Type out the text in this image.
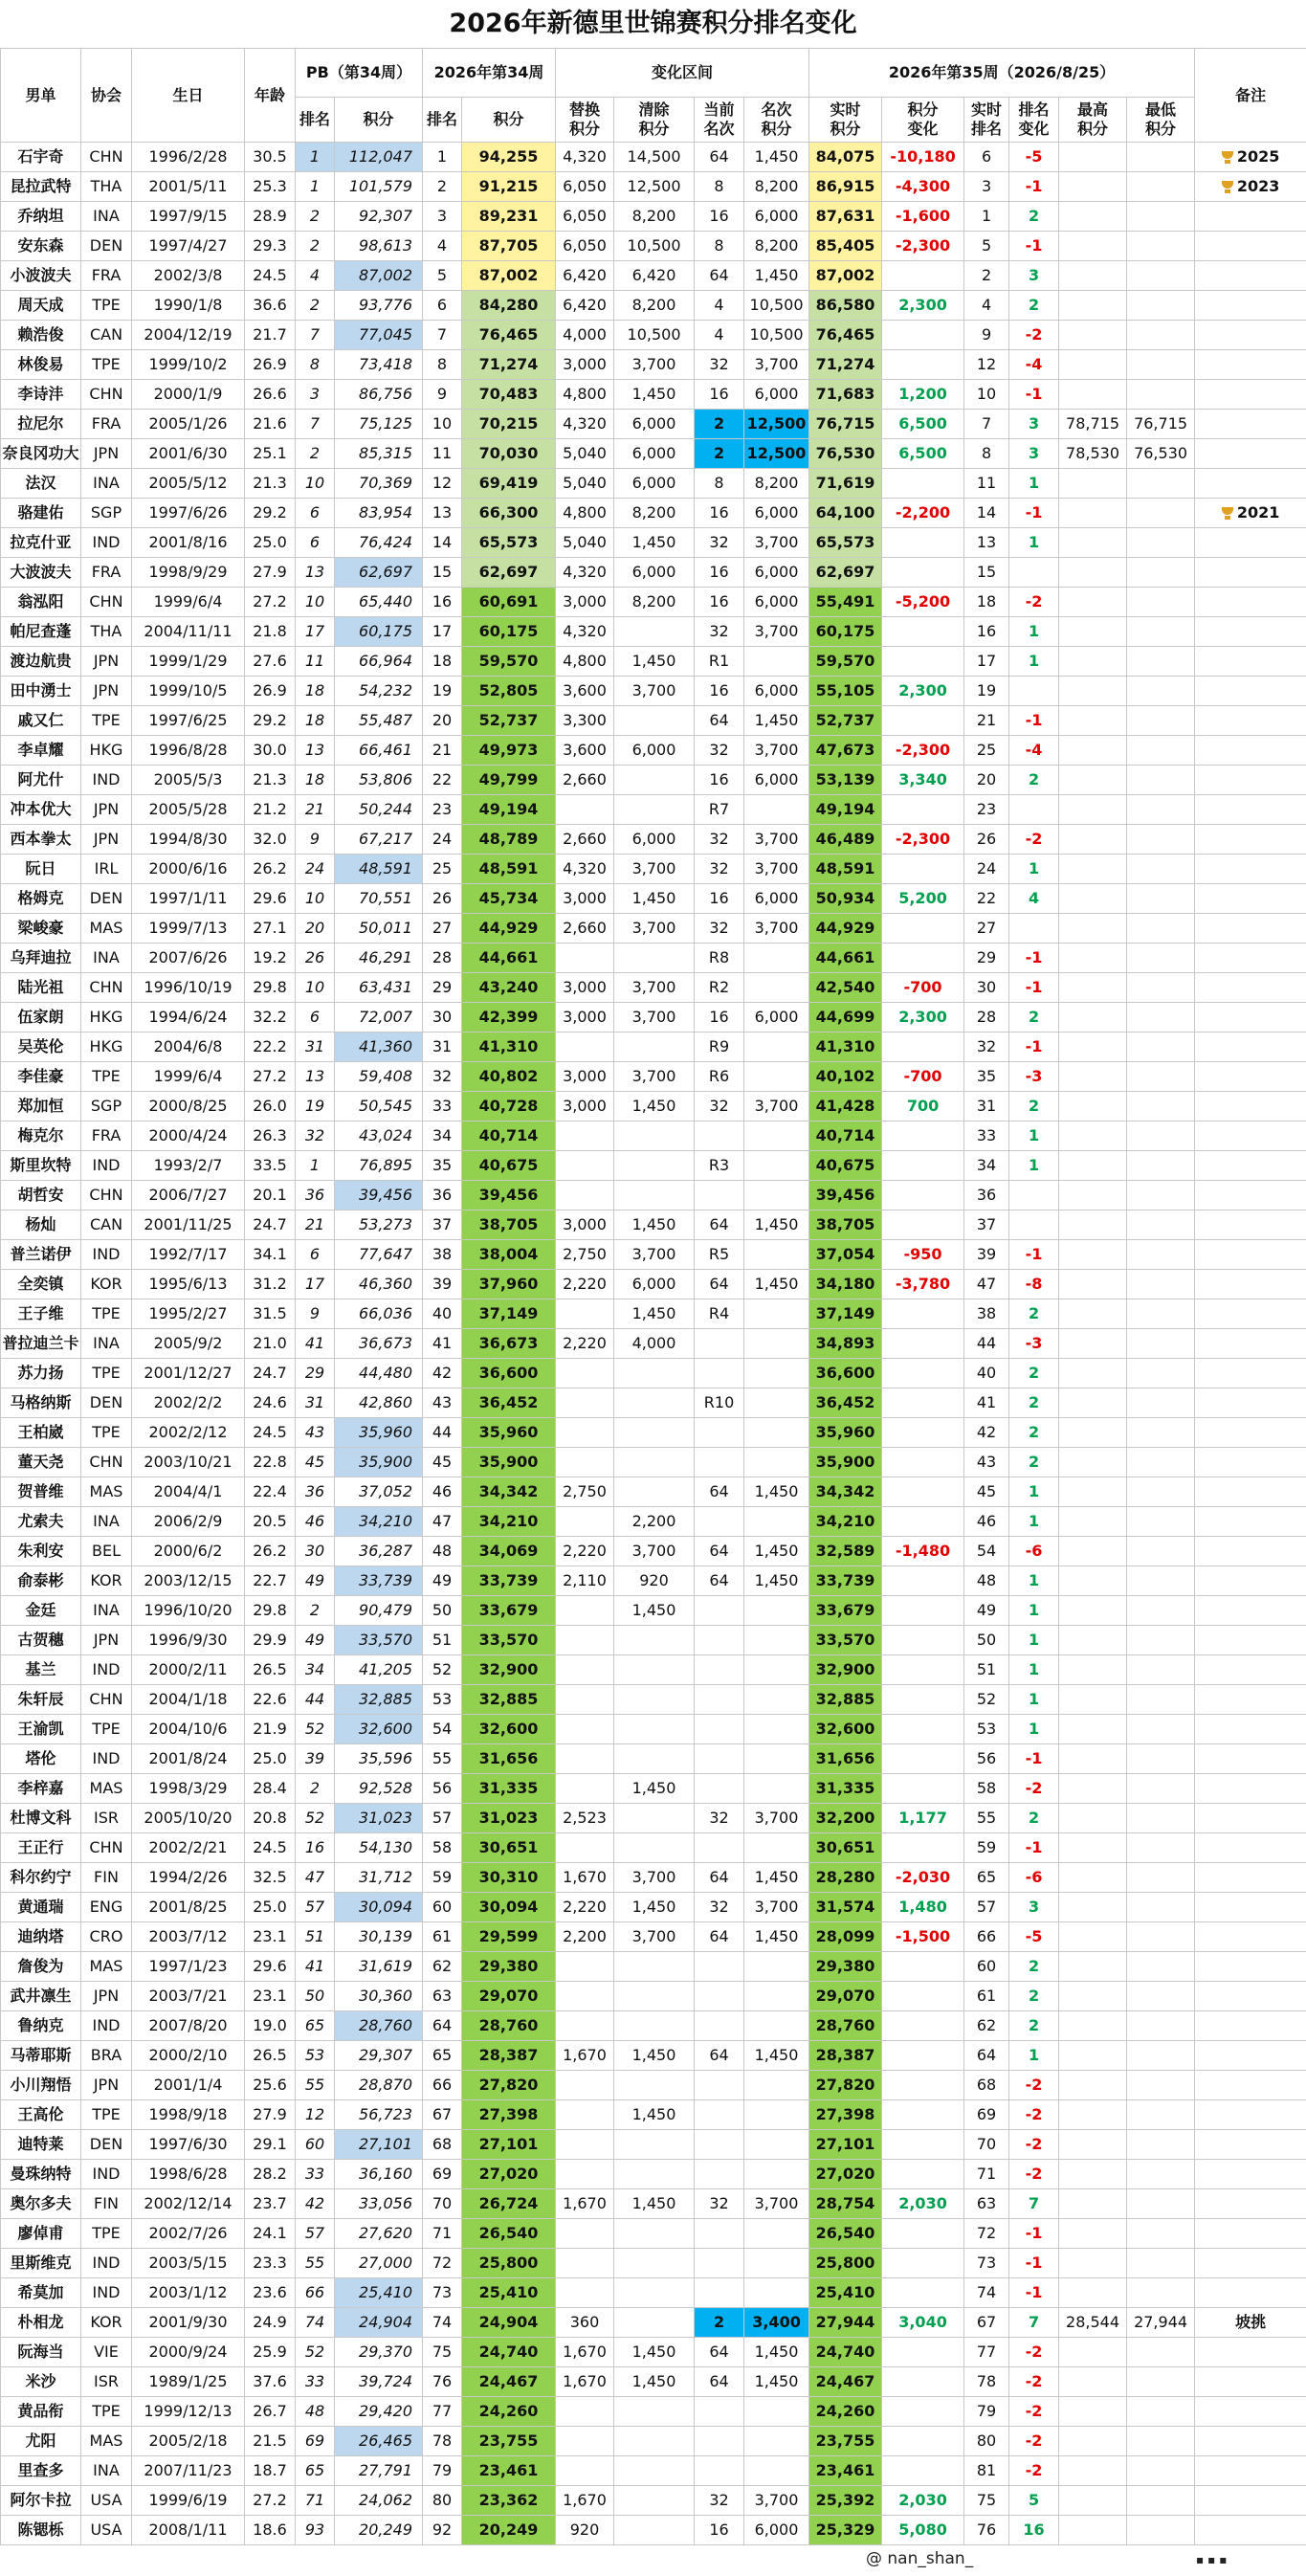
2026年新德里世锦赛积分排名变化
男单	协会	生日	年龄	PB（第34周）		2026年第34周		变化区间				2026年第35周（2026/8/25）						备注
				排名	积分	排名	积分	替换积分	清除积分	当前名次	名次积分	实时积分	积分变化	实时排名	排名变化	最高积分	最低积分	

石宇奇	CHN	1996/2/28	30.5	1	112,047	1	94,255	4,320	14,500	64	1,450	84,075	-10,180	6	-5			2025
昆拉武特	THA	2001/5/11	25.3	1	101,579	2	91,215	6,050	12,500	8	8,200	86,915	-4,300	3	-1			2023
乔纳坦	INA	1997/9/15	28.9	2	92,307	3	89,231	6,050	8,200	16	6,000	87,631	-1,600	1	2			
安东森	DEN	1997/4/27	29.3	2	98,613	4	87,705	6,050	10,500	8	8,200	85,405	-2,300	5	-1			
小波波夫	FRA	2002/3/8	24.5	4	87,002	5	87,002	6,420	6,420	64	1,450	87,002		2	3			
周天成	TPE	1990/1/8	36.6	2	93,776	6	84,280	6,420	8,200	4	10,500	86,580	2,300	4	2			
赖浩俊	CAN	2004/12/19	21.7	7	77,045	7	76,465	4,000	10,500	4	10,500	76,465		9	-2			
林俊易	TPE	1999/10/2	26.9	8	73,418	8	71,274	3,000	3,700	32	3,700	71,274		12	-4			
李诗沣	CHN	2000/1/9	26.6	3	86,756	9	70,483	4,800	1,450	16	6,000	71,683	1,200	10	-1			
拉尼尔	FRA	2005/1/26	21.6	7	75,125	10	70,215	4,320	6,000	2	12,500	76,715	6,500	7	3	78,715	76,715	
奈良冈功大	JPN	2001/6/30	25.1	2	85,315	11	70,030	5,040	6,000	2	12,500	76,530	6,500	8	3	78,530	76,530	
法汉	INA	2005/5/12	21.3	10	70,369	12	69,419	5,040	6,000	8	8,200	71,619		11	1			
骆建佑	SGP	1997/6/26	29.2	6	83,954	13	66,300	4,800	8,200	16	6,000	64,100	-2,200	14	-1			2021
拉克什亚	IND	2001/8/16	25.0	6	76,424	14	65,573	5,040	1,450	32	3,700	65,573		13	1			
大波波夫	FRA	1998/9/29	27.9	13	62,697	15	62,697	4,320	6,000	16	6,000	62,697		15				
翁泓阳	CHN	1999/6/4	27.2	10	65,440	16	60,691	3,000	8,200	16	6,000	55,491	-5,200	18	-2			
帕尼查蓬	THA	2004/11/11	21.8	17	60,175	17	60,175	4,320		32	3,700	60,175		16	1			
渡边航贵	JPN	1999/1/29	27.6	11	66,964	18	59,570	4,800	1,450	R1		59,570		17	1			
田中湧士	JPN	1999/10/5	26.9	18	54,232	19	52,805	3,600	3,700	16	6,000	55,105	2,300	19				
戚又仁	TPE	1997/6/25	29.2	18	55,487	20	52,737	3,300		64	1,450	52,737		21	-1			
李卓耀	HKG	1996/8/28	30.0	13	66,461	21	49,973	3,600	6,000	32	3,700	47,673	-2,300	25	-4			
阿尤什	IND	2005/5/3	21.3	18	53,806	22	49,799	2,660		16	6,000	53,139	3,340	20	2			
冲本优大	JPN	2005/5/28	21.2	21	50,244	23	49,194			R7		49,194		23				
西本拳太	JPN	1994/8/30	32.0	9	67,217	24	48,789	2,660	6,000	32	3,700	46,489	-2,300	26	-2			
阮日	IRL	2000/6/16	26.2	24	48,591	25	48,591	4,320	3,700	32	3,700	48,591		24	1			
格姆克	DEN	1997/1/11	29.6	10	70,551	26	45,734	3,000	1,450	16	6,000	50,934	5,200	22	4			
梁峻豪	MAS	1999/7/13	27.1	20	50,011	27	44,929	2,660	3,700	32	3,700	44,929		27				
乌拜迪拉	INA	2007/6/26	19.2	26	46,291	28	44,661			R8		44,661		29	-1			
陆光祖	CHN	1996/10/19	29.8	10	63,431	29	43,240	3,000	3,700	R2		42,540	-700	30	-1			
伍家朗	HKG	1994/6/24	32.2	6	72,007	30	42,399	3,000	3,700	16	6,000	44,699	2,300	28	2			
吴英伦	HKG	2004/6/8	22.2	31	41,360	31	41,310			R9		41,310		32	-1			
李佳豪	TPE	1999/6/4	27.2	13	59,408	32	40,802	3,000	3,700	R6		40,102	-700	35	-3			
郑加恒	SGP	2000/8/25	26.0	19	50,545	33	40,728	3,000	1,450	32	3,700	41,428	700	31	2			
梅克尔	FRA	2000/4/24	26.3	32	43,024	34	40,714					40,714		33	1			
斯里坎特	IND	1993/2/7	33.5	1	76,895	35	40,675			R3		40,675		34	1			
胡哲安	CHN	2006/7/27	20.1	36	39,456	36	39,456					39,456		36				
杨灿	CAN	2001/11/25	24.7	21	53,273	37	38,705	3,000	1,450	64	1,450	38,705		37				
普兰诺伊	IND	1992/7/17	34.1	6	77,647	38	38,004	2,750	3,700	R5		37,054	-950	39	-1			
全奕镇	KOR	1995/6/13	31.2	17	46,360	39	37,960	2,220	6,000	64	1,450	34,180	-3,780	47	-8			
王子维	TPE	1995/2/27	31.5	9	66,036	40	37,149		1,450	R4		37,149		38	2			
普拉迪兰卡	INA	2005/9/2	21.0	41	36,673	41	36,673	2,220	4,000			34,893		44	-3			
苏力扬	TPE	2001/12/27	24.7	29	44,480	42	36,600					36,600		40	2			
马格纳斯	DEN	2002/2/2	24.6	31	42,860	43	36,452			R10		36,452		41	2			
王柏崴	TPE	2002/2/12	24.5	43	35,960	44	35,960					35,960		42	2			
董天尧	CHN	2003/10/21	22.8	45	35,900	45	35,900					35,900		43	2			
贺普维	MAS	2004/4/1	22.4	36	37,052	46	34,342	2,750		64	1,450	34,342		45	1			
尤索夫	INA	2006/2/9	20.5	46	34,210	47	34,210		2,200			34,210		46	1			
朱利安	BEL	2000/6/2	26.2	30	36,287	48	34,069	2,220	3,700	64	1,450	32,589	-1,480	54	-6			
俞泰彬	KOR	2003/12/15	22.7	49	33,739	49	33,739	2,110	920	64	1,450	33,739		48	1			
金廷	INA	1996/10/20	29.8	2	90,479	50	33,679		1,450			33,679		49	1			
古贺穗	JPN	1996/9/30	29.9	49	33,570	51	33,570					33,570		50	1			
基兰	IND	2000/2/11	26.5	34	41,205	52	32,900					32,900		51	1			
朱轩辰	CHN	2004/1/18	22.6	44	32,885	53	32,885					32,885		52	1			
王渝凯	TPE	2004/10/6	21.9	52	32,600	54	32,600					32,600		53	1			
塔伦	IND	2001/8/24	25.0	39	35,596	55	31,656					31,656		56	-1			
李梓嘉	MAS	1998/3/29	28.4	2	92,528	56	31,335		1,450			31,335		58	-2			
杜博文科	ISR	2005/10/20	20.8	52	31,023	57	31,023	2,523		32	3,700	32,200	1,177	55	2			
王正行	CHN	2002/2/21	24.5	16	54,130	58	30,651					30,651		59	-1			
科尔约宁	FIN	1994/2/26	32.5	47	31,712	59	30,310	1,670	3,700	64	1,450	28,280	-2,030	65	-6			
黄通瑞	ENG	2001/8/25	25.0	57	30,094	60	30,094	2,220	1,450	32	3,700	31,574	1,480	57	3			
迪纳塔	CRO	2003/7/12	23.1	51	30,139	61	29,599	2,200	3,700	64	1,450	28,099	-1,500	66	-5			
詹俊为	MAS	1997/1/23	29.6	41	31,619	62	29,380					29,380		60	2			
武井凛生	JPN	2003/7/21	23.1	50	30,360	63	29,070					29,070		61	2			
鲁纳克	IND	2007/8/20	19.0	65	28,760	64	28,760					28,760		62	2			
马蒂耶斯	BRA	2000/2/10	26.5	53	29,307	65	28,387	1,670	1,450	64	1,450	28,387		64	1			
小川翔悟	JPN	2001/1/4	25.6	55	28,870	66	27,820					27,820		68	-2			
王高伦	TPE	1998/9/18	27.9	12	56,723	67	27,398		1,450			27,398		69	-2			
迪特莱	DEN	1997/6/30	29.1	60	27,101	68	27,101					27,101		70	-2			
曼珠纳特	IND	1998/6/28	28.2	33	36,160	69	27,020					27,020		71	-2			
奥尔多夫	FIN	2002/12/14	23.7	42	33,056	70	26,724	1,670	1,450	32	3,700	28,754	2,030	63	7			
廖倬甫	TPE	2002/7/26	24.1	57	27,620	71	26,540					26,540		72	-1			
里斯维克	IND	2003/5/15	23.3	55	27,000	72	25,800					25,800		73	-1			
希莫加	IND	2003/1/12	23.6	66	25,410	73	25,410					25,410		74	-1			
朴相龙	KOR	2001/9/30	24.9	74	24,904	74	24,904	360		2	3,400	27,944	3,040	67	7	28,544	27,944	坡挑
阮海当	VIE	2000/9/24	25.9	52	29,370	75	24,740	1,670	1,450	64	1,450	24,740		77	-2			
米沙	ISR	1989/1/25	37.6	33	39,724	76	24,467	1,670	1,450	64	1,450	24,467		78	-2			
黄品衔	TPE	1999/12/13	26.7	48	29,420	77	24,260					24,260		79	-2			
尤阳	MAS	2005/2/18	21.5	69	26,465	78	23,755					23,755		80	-2			
里查多	INA	2007/11/23	18.7	65	27,791	79	23,461					23,461		81	-2			
阿尔卡拉	USA	1999/6/19	27.2	71	24,062	80	23,362	1,670		32	3,700	25,392	2,030	75	5			
陈锶栎	USA	2008/1/11	18.6	93	20,249	92	20,249	920		16	6,000	25,329	5,080	76	16			
@ nan_shan_	▪▪▪
